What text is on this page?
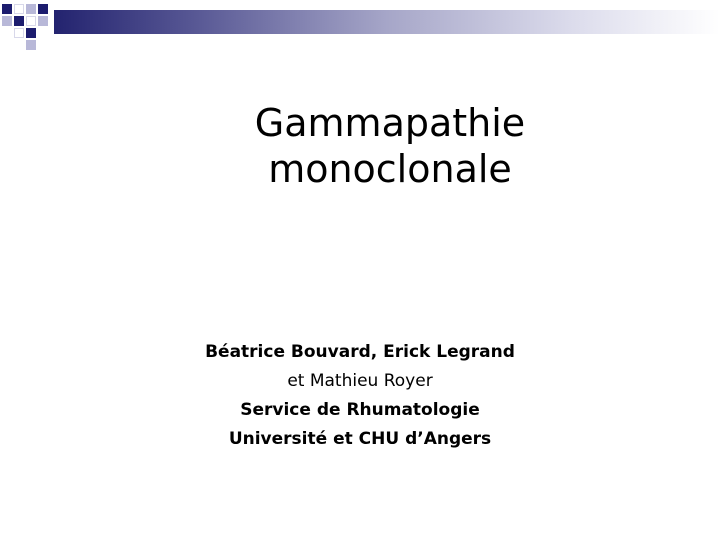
Gammapathie
monoclonale
Béatrice Bouvard, Erick Legrand
et Mathieu Royer
Service de Rhumatologie
Université et CHU d’Angers
